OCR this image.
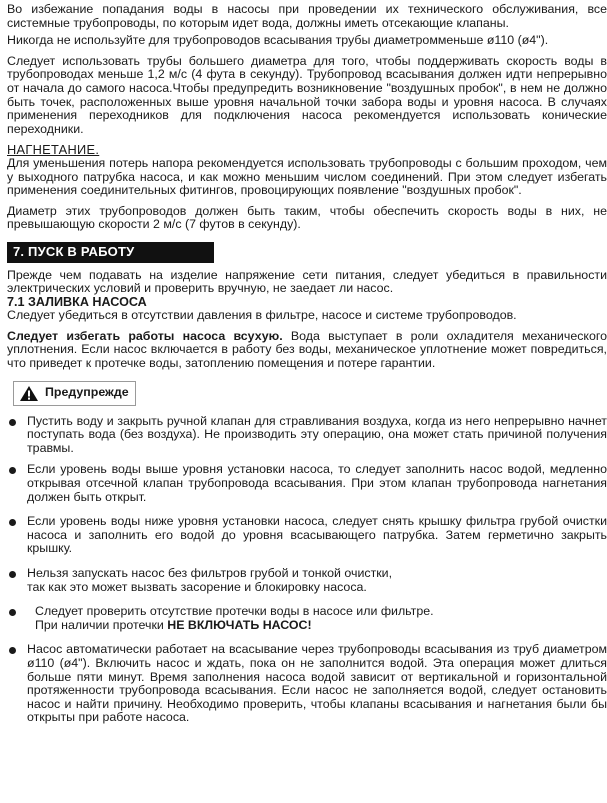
Во избежание попадания воды в насосы при проведении их технического обслуживания, все системные трубопроводы, по которым идет вода, должны иметь отсекающие клапаны.

Никогда не используйте для трубопроводов всасывания трубы диаметромменьше ø110 (ø4").

Следует использовать трубы большего диаметра для того, чтобы поддерживать скорость воды в трубопроводах меньше 1,2 м/с (4 фута в секунду). Трубопровод всасывания должен идти непрерывно от начала до самого насоса.Чтобы предупредить возникновение "воздушных пробок", в нем не должно быть точек, расположенных выше уровня начальной точки забора воды и уровня насоса. В случаях применения переходников для подключения насоса рекомендуется использовать конические переходники.

НАГНЕТАНИЕ.

Для уменьшения потерь напора рекомендуется использовать трубопроводы с большим проходом, чем у выходного патрубка насоса, и как можно меньшим числом соединений. При этом следует избегать применения соединительных фитингов, провоцирующих появление "воздушных пробок".

Диаметр этих трубопроводов должен быть таким, чтобы обеспечить скорость воды в них, не превышающую скорости 2 м/с (7 футов в секунду).

7. ПУСК В РАБОТУ

Прежде чем подавать на изделие напряжение сети питания, следует убедиться в правильности электрических условий и проверить вручную, не заедает ли насос.

7.1 ЗАЛИВКА НАСОСА

Следует убедиться в отсутствии давления в фильтре, насосе и системе трубопроводов.

Следует избегать работы насоса всухую. Вода выступает в роли охладителя механического уплотнения. Если насос включается в работу без воды, механическое уплотнение может повредиться, что приведет к протечке воды, затоплению помещения и потере гарантии.

Предупрежде

Пустить воду и закрыть ручной клапан для стравливания воздуха, когда из него непрерывно начнет поступать вода (без воздуха). Не производить эту операцию, она может стать причиной получения травмы.

Если уровень воды выше уровня установки насоса, то следует заполнить насос водой, медленно открывая отсечной клапан трубопровода всасывания. При этом клапан трубопровода нагнетания должен быть открыт.

Если уровень воды ниже уровня установки насоса, следует снять крышку фильтра грубой очистки насоса и заполнить его водой до уровня всасывающего патрубка. Затем герметично закрыть крышку.

Нельзя запускать насос без фильтров грубой и тонкой очистки,
так как это может вызвать засорение и блокировку насоса.
Следует проверить отсутствие протечки воды в насосе или фильтре.
При наличии протечки НЕ ВКЛЮЧАТЬ НАСОС!

Насос автоматически работает на всасывание через трубопроводы всасывания из труб диаметром ø110 (ø4"). Включить насос и ждать, пока он не заполнится водой. Эта операция может длиться больше пяти минут. Время заполнения насоса водой зависит от вертикальной и горизонтальной протяженности трубопровода всасывания. Если насос не заполняется водой, следует остановить насос и найти причину. Необходимо проверить, чтобы клапаны всасывания и нагнетания были бы открыты при работе насоса.
